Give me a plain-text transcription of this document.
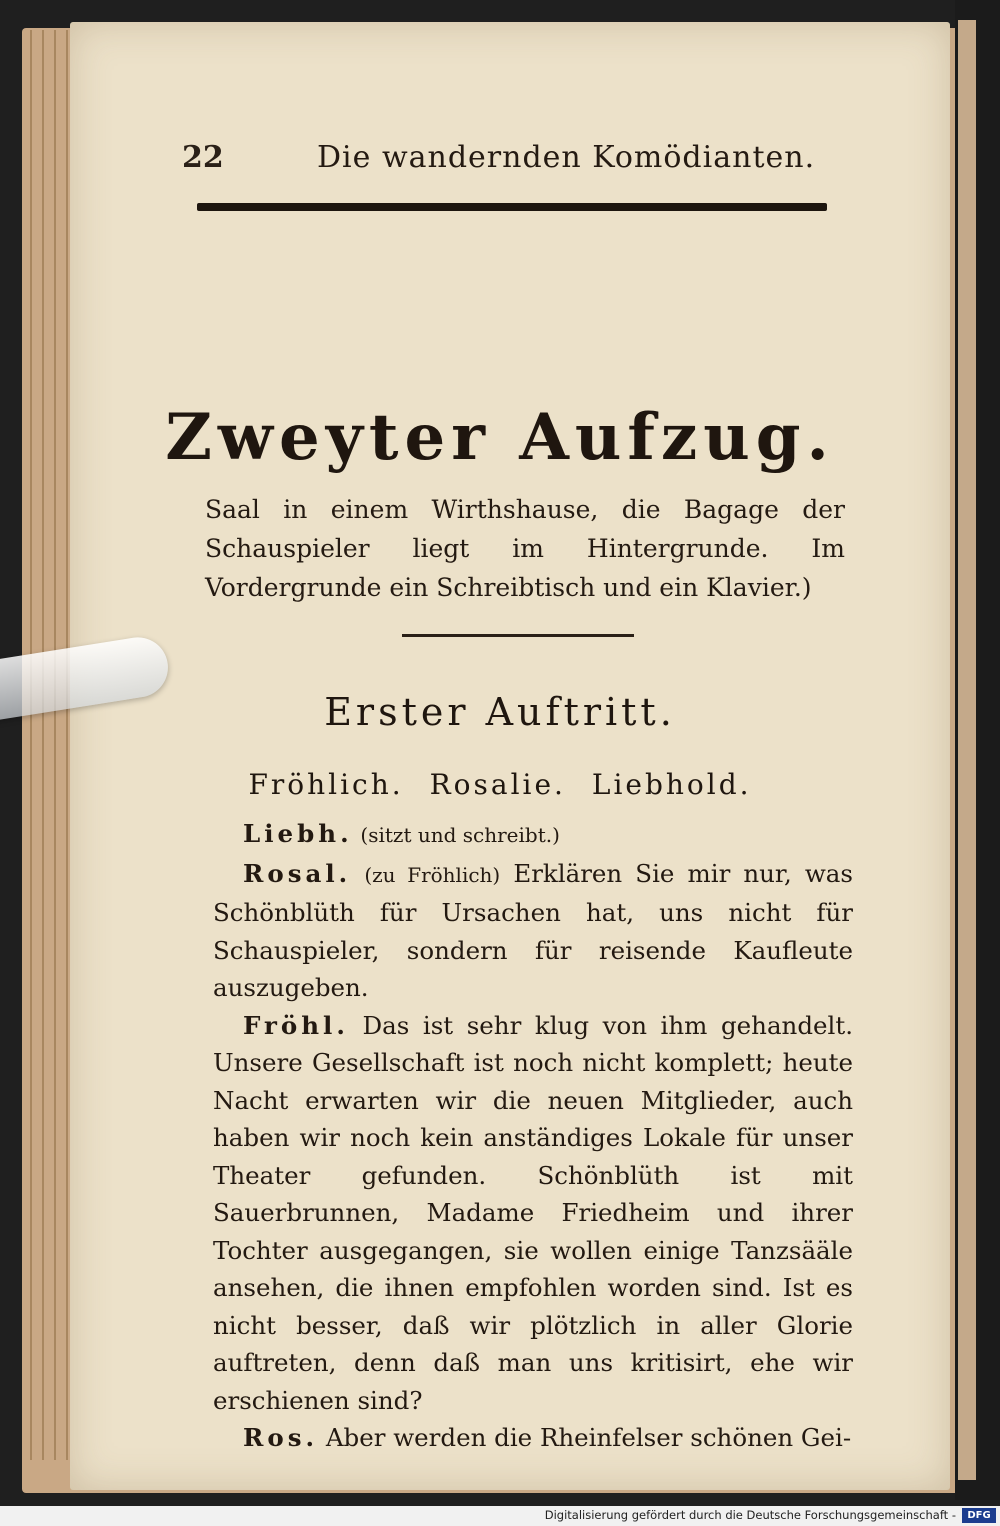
22	Die wandernden Komödianten.
Zweyter Aufzug.
Saal in einem Wirthshause, die Bagage der Schauspieler liegt im Hintergrunde. Im Vordergrunde ein Schreibtisch und ein Klavier.)
Erster Auftritt.
Fröhlich. Rosalie. Liebhold.

Liebh. (sitzt und schreibt.)

Rosal. (zu Fröhlich) Erklären Sie mir nur, was Schönblüth für Ursachen hat, uns nicht für Schauspieler, sondern für reisende Kaufleute auszugeben.

Fröhl. Das ist sehr klug von ihm gehandelt. Unsere Gesellschaft ist noch nicht komplett; heute Nacht erwarten wir die neuen Mitglieder, auch haben wir noch kein anständiges Lokale für unser Theater gefunden. Schönblüth ist mit Sauerbrunnen, Madame Friedheim und ihrer Tochter ausgegangen, sie wollen einige Tanzsääle ansehen, die ihnen empfohlen worden sind. Ist es nicht besser, daß wir plötzlich in aller Glorie auftreten, denn daß man uns kritisirt, ehe wir erschienen sind?

Ros. Aber werden die Rheinfelser schönen Gei-

Digitalisierung gefördert durch die Deutsche Forschungsgemeinschaft -	DFG
